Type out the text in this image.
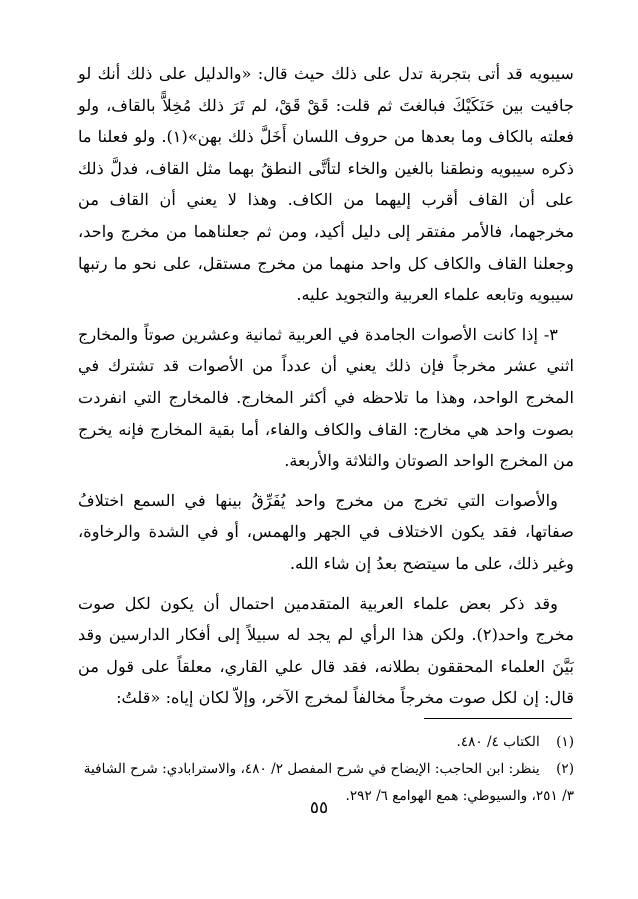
سيبويه قد أتى بتجربة تدل على ذلك حيث قال: «والدليل على ذلك أنك لو جافيت بين حَنَكَيْكَ فبالغتَ ثم قلت: قَقْ قَقْ، لم تَرَ ذلك مُخِلاًّ بالقاف، ولو فعلته بالكاف وما بعدها من حروف اللسان أَخَلَّ ذلك بهن»(١). ولو فعلنا ما ذكره سيبويه ونطقنا بالغين والخاء لتأتَّى النطقُ بهما مثل القاف، فدلَّ ذلك على أن القاف أقرب إليهما من الكاف. وهذا لا يعني أن القاف من مخرجهما، فالأمر مفتقر إلى دليل أكيد، ومن ثم جعلناهما من مخرج واحد، وجعلنا القاف والكاف كل واحد منهما من مخرج مستقل، على نحو ما رتبها سيبويه وتابعه علماء العربية والتجويد عليه.

٣- إذا كانت الأصوات الجامدة في العربية ثمانية وعشرين صوتاً والمخارج اثني عشر مخرجاً فإن ذلك يعني أن عدداً من الأصوات قد تشترك في المخرج الواحد، وهذا ما تلاحظه في أكثر المخارج. فالمخارج التي انفردت بصوت واحد هي مخارج: القاف والكاف والفاء، أما بقية المخارج فإنه يخرج من المخرج الواحد الصوتان والثلاثة والأربعة.

والأصوات التي تخرج من مخرج واحد يُفَرِّقُ بينها في السمع اختلافُ صفاتها، فقد يكون الاختلاف في الجهر والهمس، أو في الشدة والرخاوة، وغير ذلك، على ما سيتضح بعدُ إن شاء الله.

وقد ذكر بعض علماء العربية المتقدمين احتمال أن يكون لكل صوت مخرج واحد(٢). ولكن هذا الرأي لم يجد له سبيلاً إلى أفكار الدارسين وقد بَيَّنَ العلماء المحققون بطلانه، فقد قال علي القاري، معلقاً على قول من قال: إن لكل صوت مخرجاً مخالفاً لمخرج الآخر، وإلاّ لكان إياه: «قلتُ:

(١) الكتاب ٤/ ٤٨٠.

(٢) ينظر: ابن الحاجب: الإيضاح في شرح المفصل ٢/ ٤٨٠، والاسترابادي: شرح الشافية ٣/ ٢٥١، والسيوطي: همع الهوامع ٦/ ٢٩٢.

٥٥
